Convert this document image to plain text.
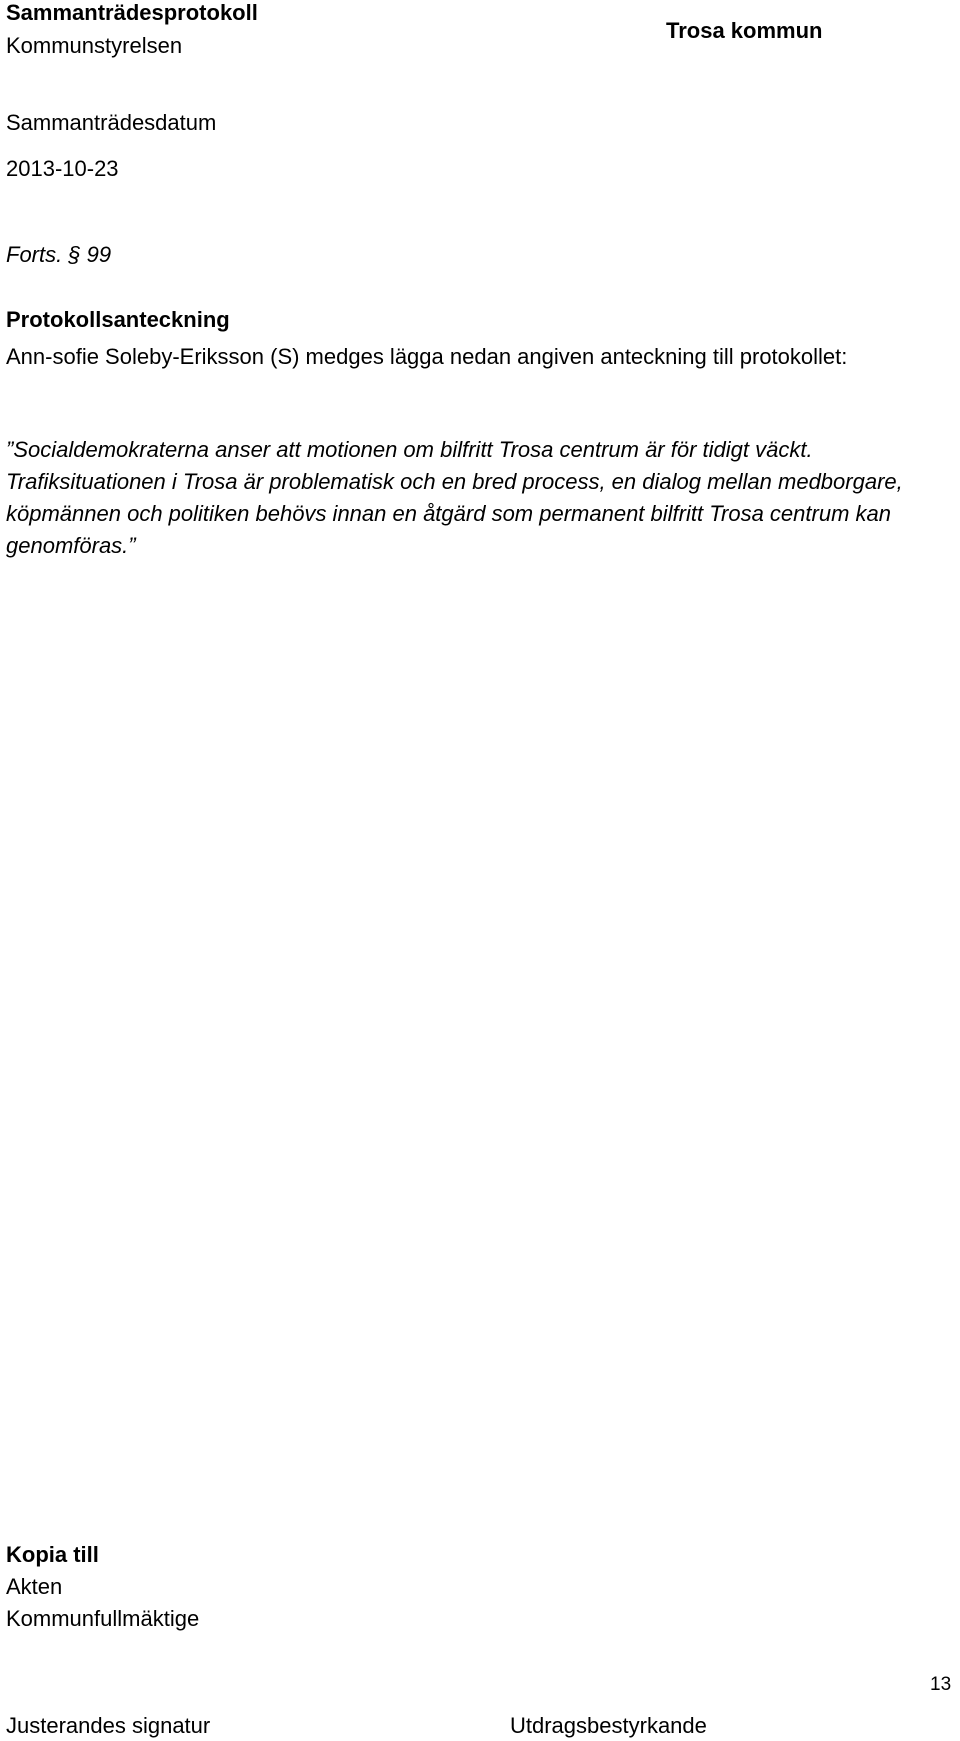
Sammanträdesprotokoll
Kommunstyrelsen
Trosa kommun
Sammanträdesdatum
2013-10-23
Forts. § 99
Protokollsanteckning
Ann-sofie Soleby-Eriksson (S) medges lägga nedan angiven anteckning till protokollet:
”Socialdemokraterna anser att motionen om bilfritt Trosa centrum är för tidigt väckt. Trafiksituationen i Trosa är problematisk och en bred process, en dialog mellan medborgare, köpmännen och politiken behövs innan en åtgärd som permanent bilfritt Trosa centrum kan genomföras.”
Kopia till
Akten
Kommunfullmäktige
Justerandes signatur	Utdragsbestyrkande
13
